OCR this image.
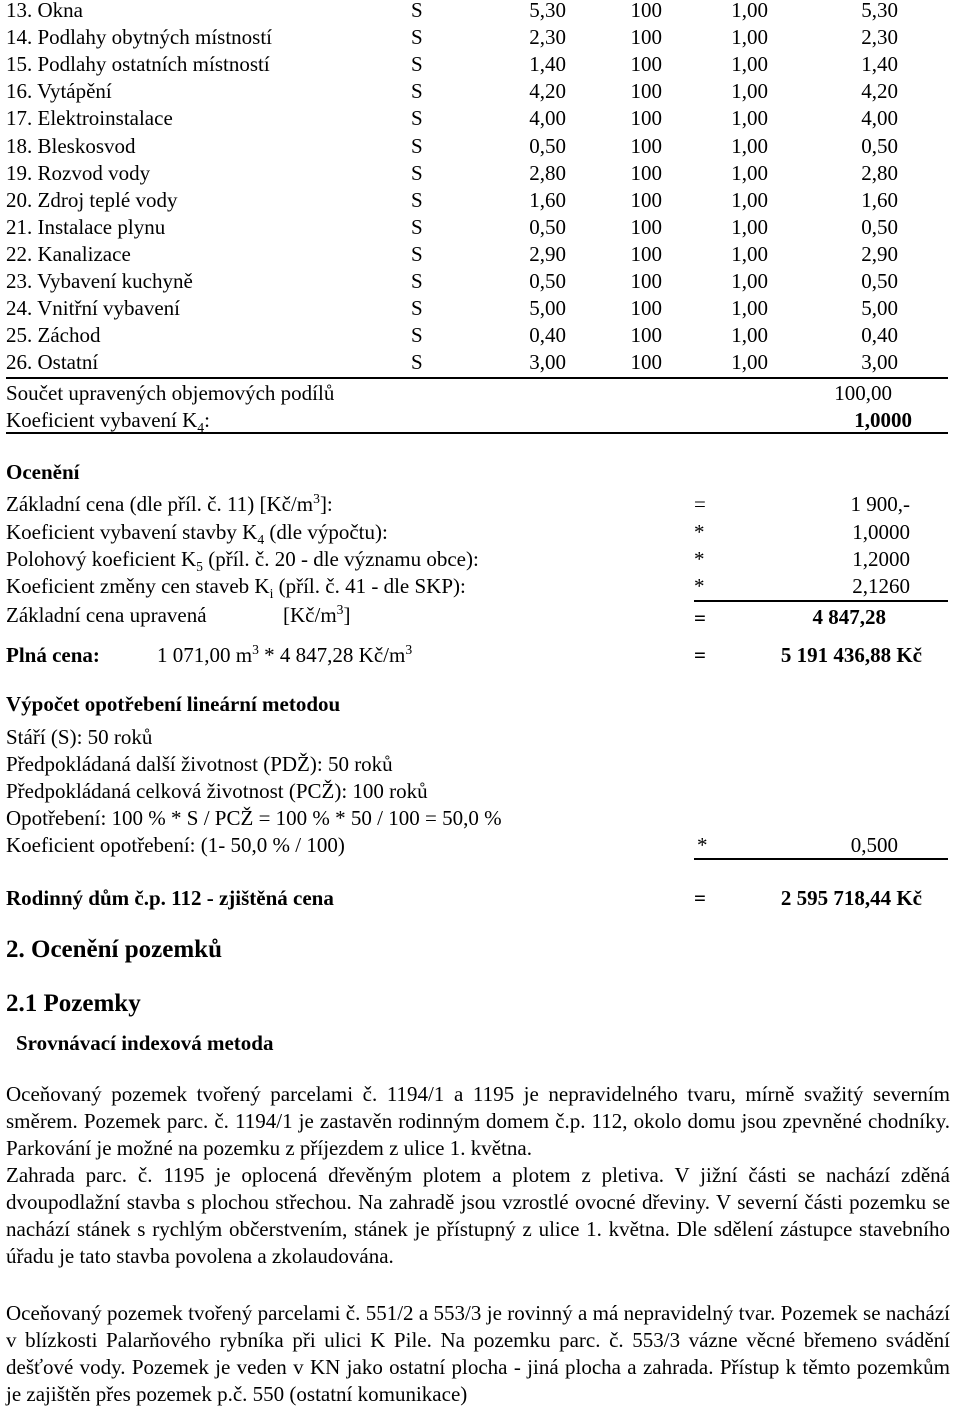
13. Okna	S	5,30	100	1,00	5,30
14. Podlahy obytných místností	S	2,30	100	1,00	2,30
15. Podlahy ostatních místností	S	1,40	100	1,00	1,40
16. Vytápění	S	4,20	100	1,00	4,20
17. Elektroinstalace	S	4,00	100	1,00	4,00
18. Bleskosvod	S	0,50	100	1,00	0,50
19. Rozvod vody	S	2,80	100	1,00	2,80
20. Zdroj teplé vody	S	1,60	100	1,00	1,60
21. Instalace plynu	S	0,50	100	1,00	0,50
22. Kanalizace	S	2,90	100	1,00	2,90
23. Vybavení kuchyně	S	0,50	100	1,00	0,50
24. Vnitřní vybavení	S	5,00	100	1,00	5,00
25. Záchod	S	0,40	100	1,00	0,40
26. Ostatní	S	3,00	100	1,00	3,00
Součet upravených objemových podílů	100,00
Koeficient vybavení $K_4$:	1,0000
Ocenění
Základní cena (dle příl. č. 11) $[Kč/m^3]$:	=	1 900,-
Koeficient vybavení stavby $K_4$ (dle výpočtu):	*	1,0000
Polohový koeficient $K_5$ (příl. č. 20 - dle významu obce):	*	1,2000
Koeficient změny cen staveb $K_i$ (příl. č. 41 - dle SKP):	*	2,1260
Základní cena upravená	$[Kč/m^3]$	=	4 847,28
Plná cena:	1 071,00 $m^3 * 4$ 847,28 $Kč/m^3$	=	5 191 436,88 Kč
Výpočet opotřebení lineární metodou
Stáří (S): 50 roků
Předpokládaná další životnost (PDŽ): 50 roků
Předpokládaná celková životnost (PCŽ): 100 roků
Opotřebení: 100 % * S / PCŽ = 100 % * 50 / 100 = 50,0 %
Koeficient opotřebení: (1- 50,0 % / 100)	*	0,500
Rodinný dům č.p. 112 - zjištěná cena	=	2 595 718,44 Kč
2. Ocenění pozemků
2.1 Pozemky
Srovnávací indexová metoda
Oceňovaný pozemek tvořený parcelami č. 1194/1 a 1195 je nepravidelného tvaru, mírně svažitý severním směrem. Pozemek parc. č. 1194/1 je zastavěn rodinným domem č.p. 112, okolo domu jsou zpevněné chodníky. Parkování je možné na pozemku z příjezdem z ulice 1. května.
Zahrada parc. č. 1195 je oplocená dřevěným plotem a plotem z pletiva. V jižní části se nachází zděná dvoupodlažní stavba s plochou střechou. Na zahradě jsou vzrostlé ovocné dřeviny. V severní části pozemku se nachází stánek s rychlým občerstvením, stánek je přístupný z ulice 1. května. Dle sdělení zástupce stavebního úřadu je tato stavba povolena a zkolaudována.
Oceňovaný pozemek tvořený parcelami č. 551/2 a 553/3 je rovinný a má nepravidelný tvar. Pozemek se nachází v blízkosti Palarňového rybníka při ulici K Pile. Na pozemku parc. č. 553/3 vázne věcné břemeno svádění dešťové vody. Pozemek je veden v KN jako ostatní plocha - jiná plocha a zahrada. Přístup k těmto pozemkům je zajištěn přes pozemek p.č. 550 (ostatní komunikace)
